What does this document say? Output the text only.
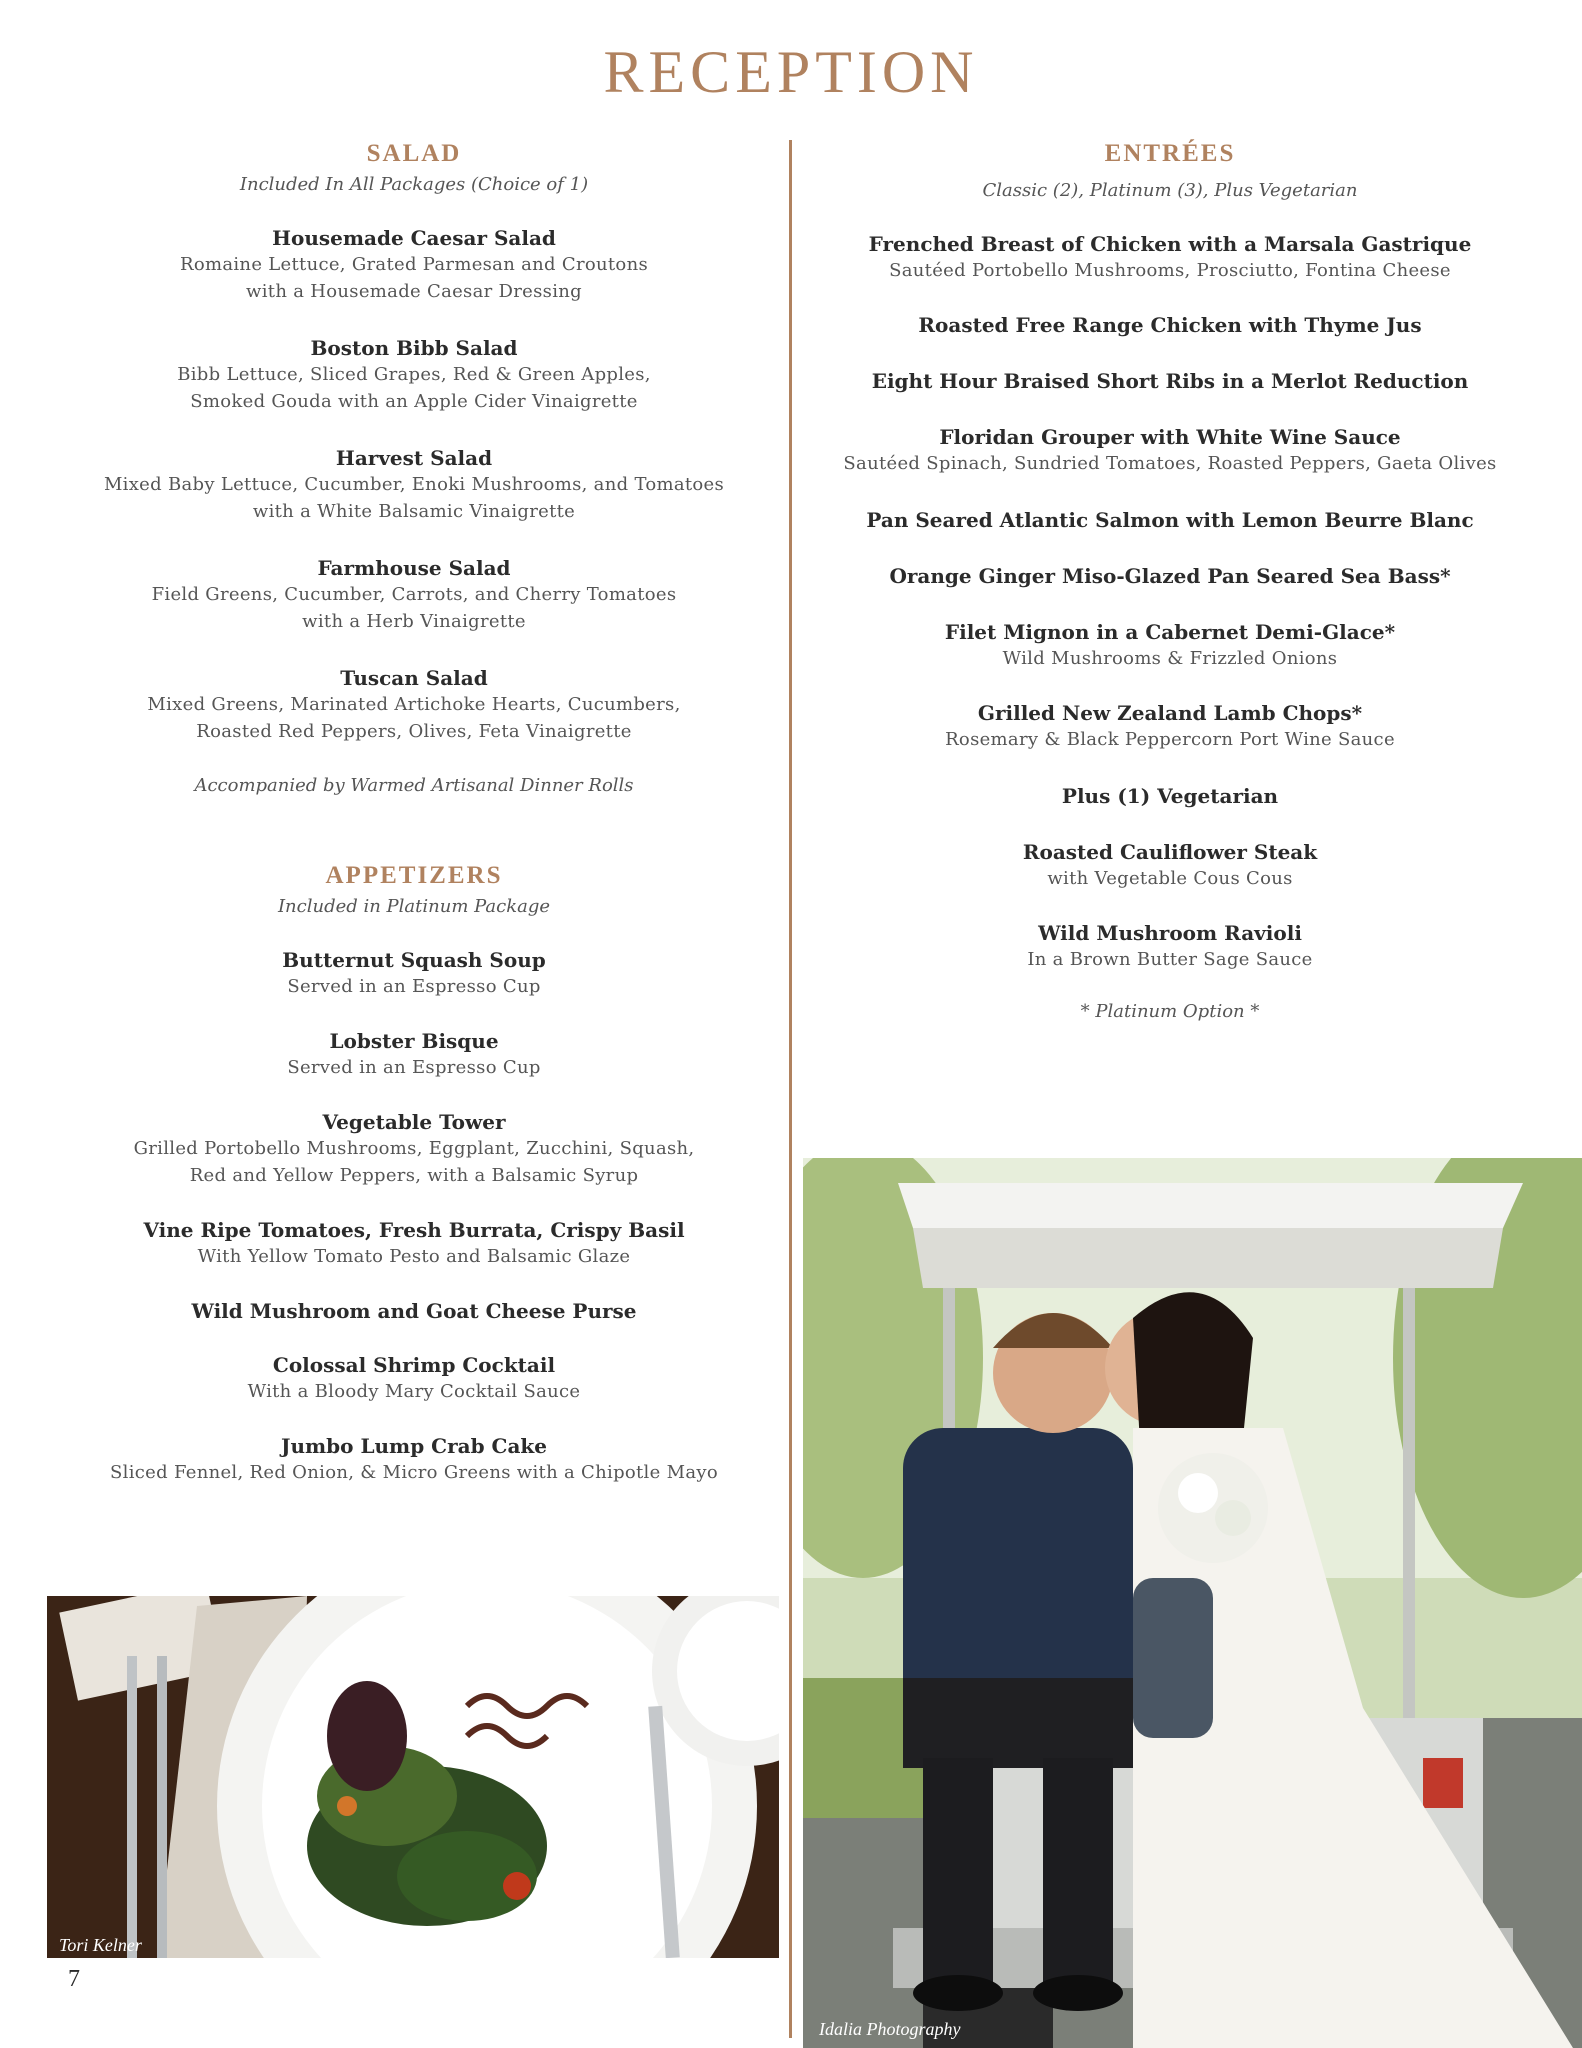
RECEPTION
SALAD

Included In All Packages (Choice of 1)

Housemade Caesar Salad
Romaine Lettuce, Grated Parmesan and Croutons
with a Housemade Caesar Dressing
Boston Bibb Salad
Bibb Lettuce, Sliced Grapes, Red & Green Apples,
Smoked Gouda with an Apple Cider Vinaigrette
Harvest Salad
Mixed Baby Lettuce, Cucumber, Enoki Mushrooms, and Tomatoes
with a White Balsamic Vinaigrette
Farmhouse Salad
Field Greens, Cucumber, Carrots, and Cherry Tomatoes
with a Herb Vinaigrette
Tuscan Salad
Mixed Greens, Marinated Artichoke Hearts, Cucumbers,
Roasted Red Peppers, Olives, Feta Vinaigrette

Accompanied by Warmed Artisanal Dinner Rolls

APPETIZERS

Included in Platinum Package

Butternut Squash Soup
Served in an Espresso Cup
Lobster Bisque
Served in an Espresso Cup
Vegetable Tower
Grilled Portobello Mushrooms, Eggplant, Zucchini, Squash,
Red and Yellow Peppers, with a Balsamic Syrup
Vine Ripe Tomatoes, Fresh Burrata, Crispy Basil
With Yellow Tomato Pesto and Balsamic Glaze
Wild Mushroom and Goat Cheese Purse
Colossal Shrimp Cocktail
With a Bloody Mary Cocktail Sauce
Jumbo Lump Crab Cake
Sliced Fennel, Red Onion, & Micro Greens with a Chipotle Mayo
ENTRÉES

Classic (2), Platinum (3), Plus Vegetarian

Frenched Breast of Chicken with a Marsala Gastrique
Sautéed Portobello Mushrooms, Prosciutto, Fontina Cheese
Roasted Free Range Chicken with Thyme Jus
Eight Hour Braised Short Ribs in a Merlot Reduction
Floridan Grouper with White Wine Sauce
Sautéed Spinach, Sundried Tomatoes, Roasted Peppers, Gaeta Olives
Pan Seared Atlantic Salmon with Lemon Beurre Blanc
Orange Ginger Miso-Glazed Pan Seared Sea Bass*
Filet Mignon in a Cabernet Demi-Glace*
Wild Mushrooms & Frizzled Onions
Grilled New Zealand Lamb Chops*
Rosemary & Black Peppercorn Port Wine Sauce
Plus (1) Vegetarian
Roasted Cauliflower Steak
with Vegetable Cous Cous
Wild Mushroom Ravioli
In a Brown Butter Sage Sauce

* Platinum Option *

Tori Kelner
Idalia Photography
7
